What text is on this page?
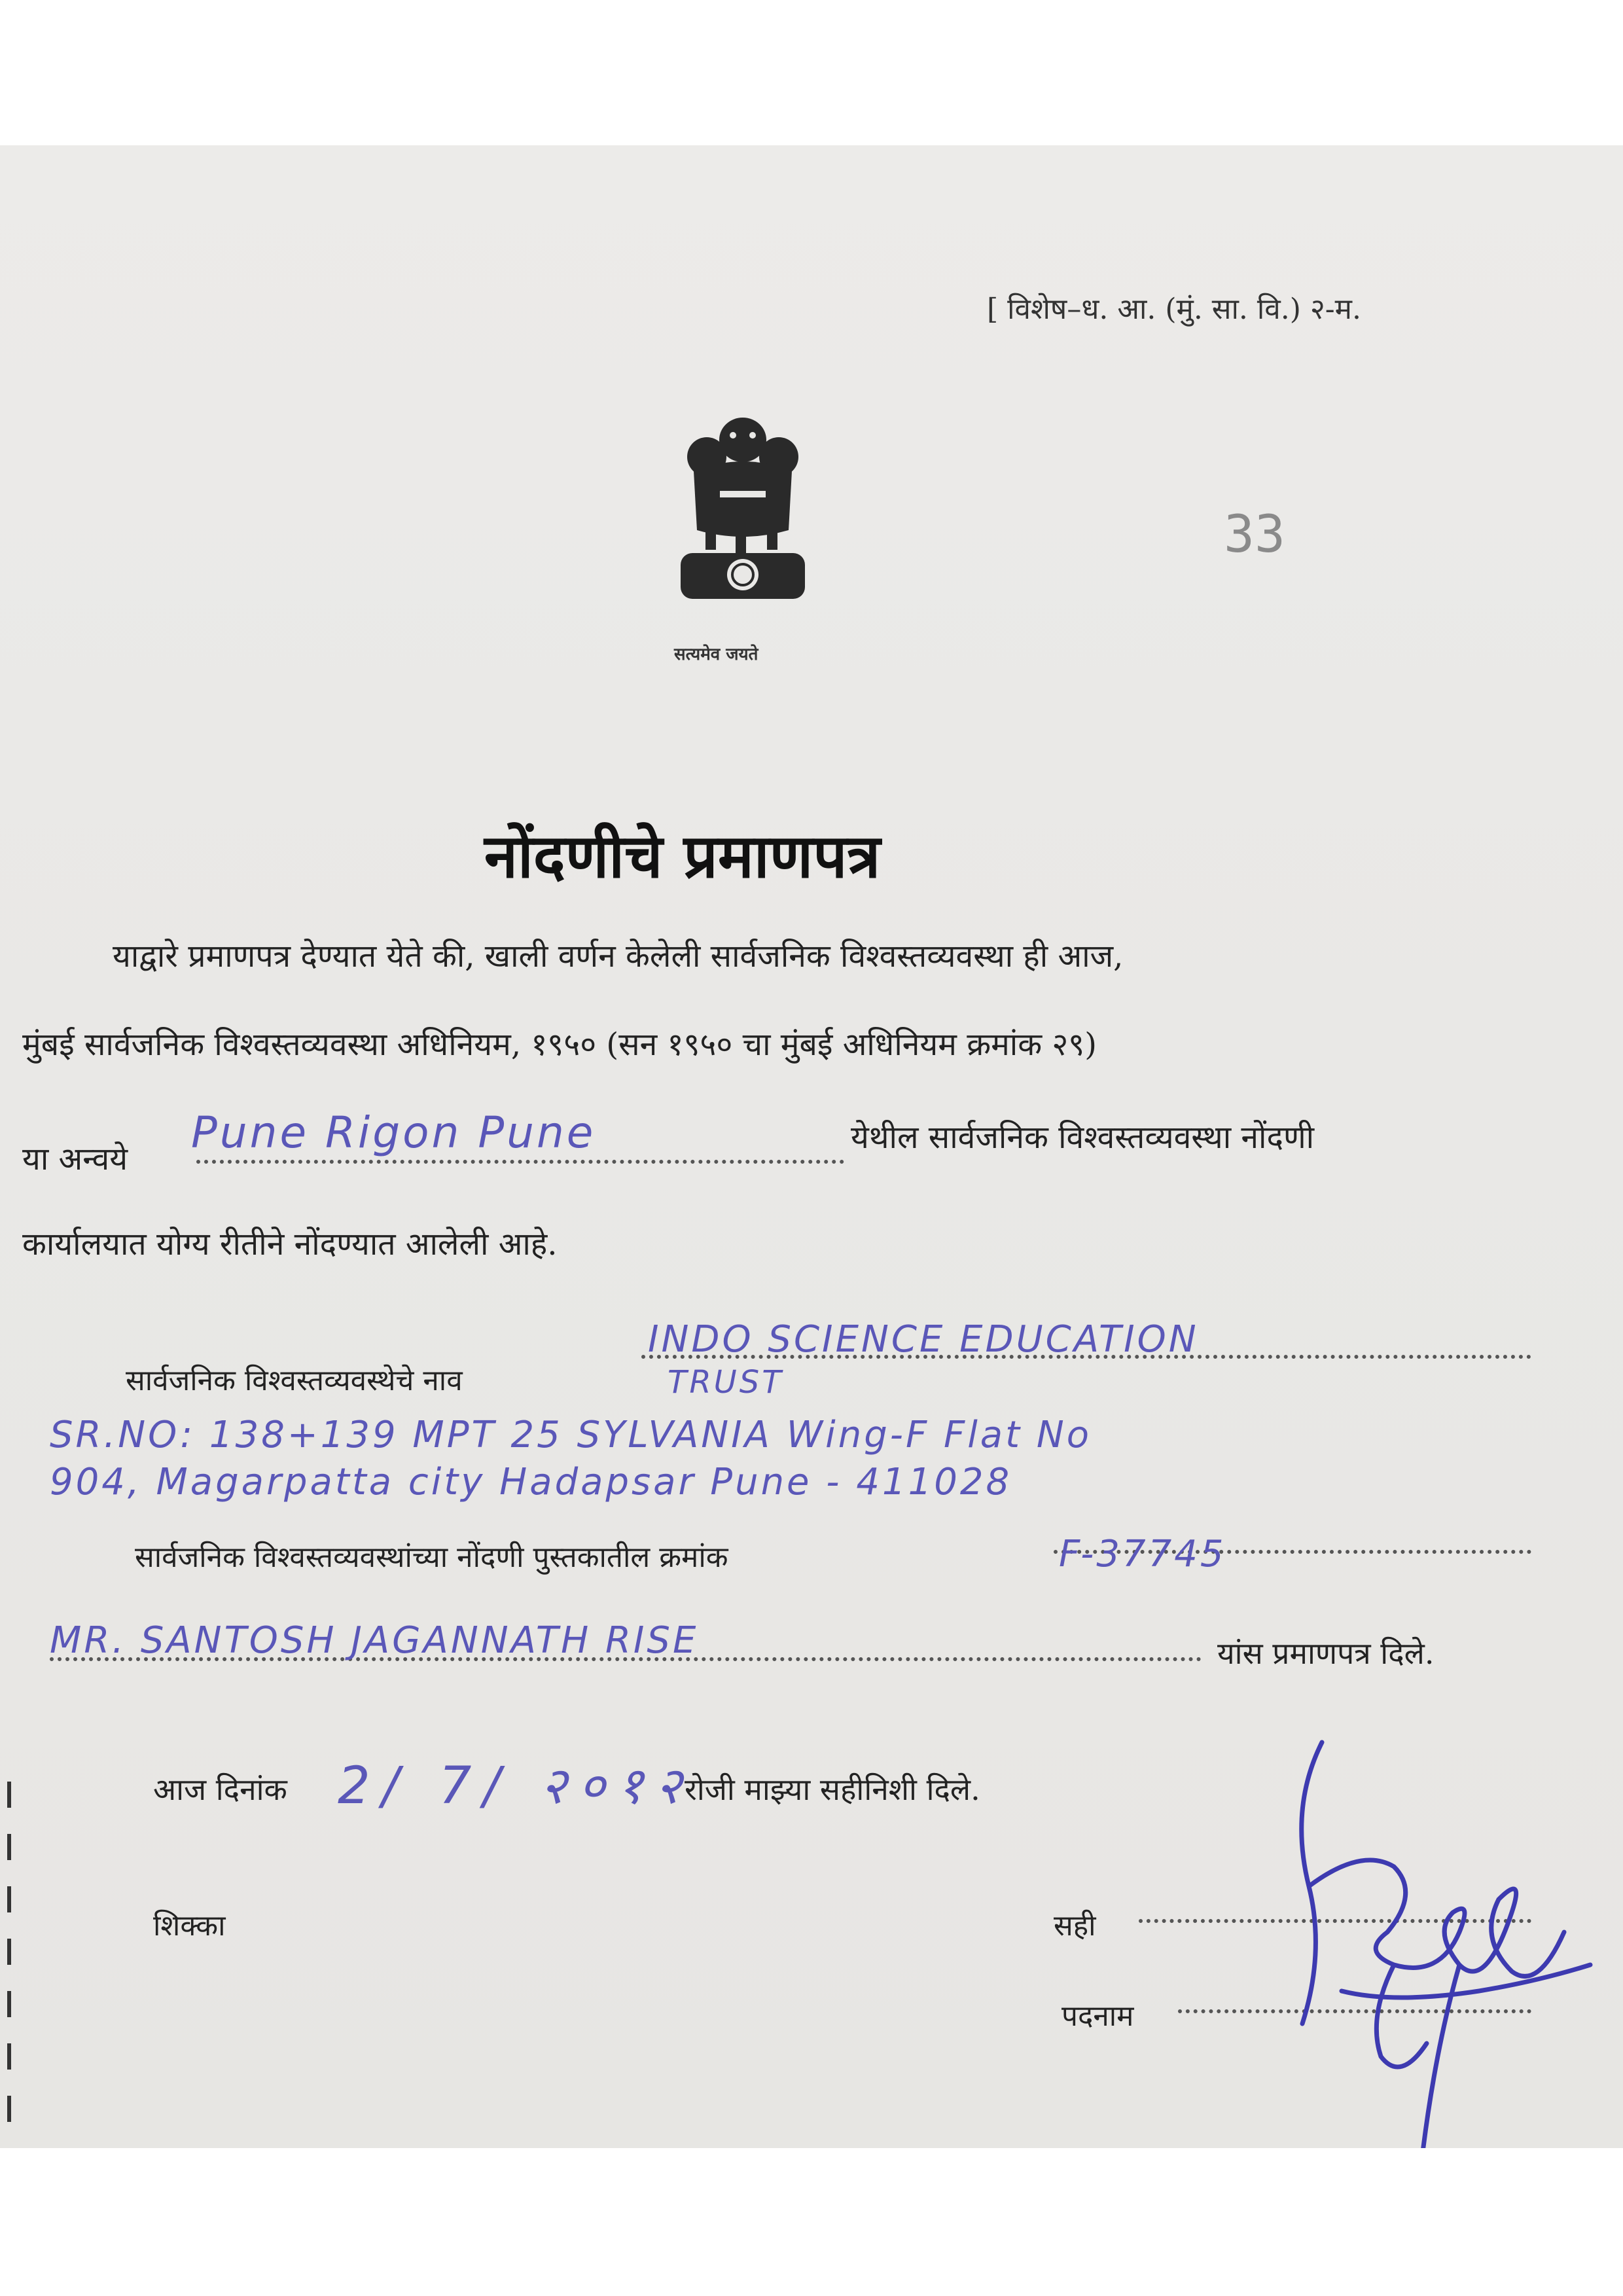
[ विशेष–ध. आ. (मुं. सा. वि.) २-म.
33
सत्यमेव जयते
नोंदणीचे प्रमाणपत्र
याद्वारे प्रमाणपत्र देण्यात येते की, खाली वर्णन केलेली सार्वजनिक विश्वस्तव्यवस्था ही आज,
मुंबई सार्वजनिक विश्वस्तव्यवस्था अधिनियम, १९५० (सन १९५० चा मुंबई अधिनियम क्रमांक २९)
या अन्वये
Pune Rigon Pune	येथील सार्वजनिक विश्वस्तव्यवस्था नोंदणी
कार्यालयात योग्य रीतीने नोंदण्यात आलेली आहे.
सार्वजनिक विश्वस्तव्यवस्थेचे नाव
INDO SCIENCE EDUCATION
TRUST
SR.NO: 138+139 MPT 25 SYLVANIA Wing-F Flat No
904, Magarpatta city Hadapsar Pune - 411028
सार्वजनिक विश्वस्तव्यवस्थांच्या नोंदणी पुस्तकातील क्रमांक	F-37745
MR. SANTOSH JAGANNATH RISE	यांस प्रमाणपत्र दिले.
आज दिनांक 2/ 7/ २०१२
रोजी माझ्या सहीनिशी दिले.
शिक्का	सही
पदनाम
